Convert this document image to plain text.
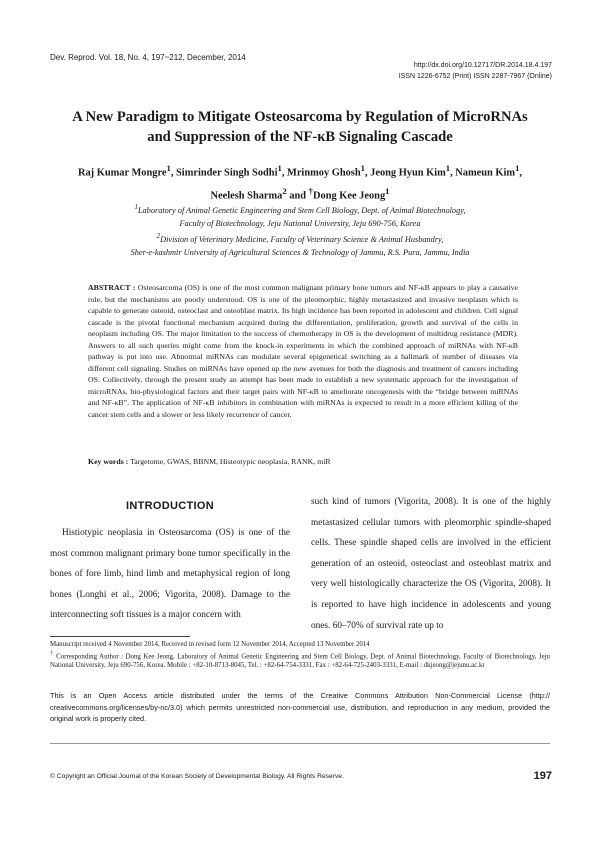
Dev. Reprod. Vol. 18, No. 4, 197~212, December, 2014
http://dx.doi.org/10.12717/DR.2014.18.4.197
ISSN 1226-6752 (Print) ISSN 2287-7967 (Online)
A New Paradigm to Mitigate Osteosarcoma by Regulation of MicroRNAs and Suppression of the NF-κB Signaling Cascade
Raj Kumar Mongre$^1$, Simrinder Singh Sodhi$^1$, Mrinmoy Ghosh$^1$, Jeong Hyun Kim$^1$, Nameun Kim$^1$,
Neelesh Sharma$^2$ and †Dong Kee Jeong$^1$
$^1$Laboratory of Animal Genetic Engineering and Stem Cell Biology, Dept. of Animal Biotechnology,
Faculty of Biotechnology, Jeju National University, Jeju 690-756, Korea
$^2$Division of Veterinary Medicine, Faculty of Veterinary Science & Animal Husbandry,
Sher-e-kashmir University of Agricultural Sciences & Technology of Jammu, R.S. Pura, Jammu, India
ABSTRACT : Osteosarcoma (OS) is one of the most common malignant primary bone tumors and NF-κB appears to play a causative role, but the mechanisms are poorly understood. OS is one of the pleomorphic, highly metastasized and invasive neoplasm which is capable to generate osteoid, osteoclast and osteoblast matrix. Its high incidence has been reported in adolescent and children. Cell signal cascade is the pivotal functional mechanism acquired during the differentiation, proliferation, growth and survival of the cells in neoplasm including OS. The major limitation to the success of chemotherapy in OS is the development of multidrug resistance (MDR). Answers to all such queries might come from the knock-in experiments in which the combined approach of miRNAs with NF-κB pathway is put into use. Abnormal miRNAs can modulate several epigenetical switching as a hallmark of number of diseases via different cell signaling. Studies on miRNAs have opened up the new avenues for both the diagnosis and treatment of cancers including OS. Collectively, through the present study an attempt has been made to establish a new systematic approach for the investigation of microRNAs, bio-physiological factors and their target pairs with NF-κB to ameliorate oncogenesis with the “bridge between miRNAs and NF-κB”. The application of NF-κB inhibitors in combination with miRNAs is expected to result in a more efficient killing of the cancer stem cells and a slower or less likely recurrence of cancer.
Key words : Targetome, GWAS, BBNM, Histeotypic neoplasia, RANK, miR
INTRODUCTION

Histiotypic neoplasia in Osteosarcoma (OS) is one of the most common malignant primary bone tumor specifically in the bones of fore limb, hind limb and metaphysical region of long bones (Longhi et al., 2006; Vigorita, 2008). Damage to the interconnecting soft tissues is a major concern with

such kind of tumors (Vigorita, 2008). It is one of the highly metastasized cellular tumors with pleomorphic spindle-shaped cells. These spindle shaped cells are involved in the efficient generation of an osteoid, osteoclast and osteoblast matrix and very well histologically characterize the OS (Vigorita, 2008). It is reported to have high incidence in adolescents and young ones. 60–70% of survival rate up to

Manuscript received 4 November 2014, Received in revised form 12 November 2014, Accepted 13 November 2014

† Corresponding Author : Dong Kee Jeong, Laboratory of Animal Genetic Engineering and Stem Cell Biology, Dept. of Animal Biotechnology, Faculty of Biotechnology, Jeju National University, Jeju 690-756, Korea. Mobile : +82-10-8713-8045, Tel. : +82-64-754-3331, Fax : +82-64-725-2403-3331, E-mail : dkjeong@jejunu.ac.kr

This is an Open Access article distributed under the terms of the Creative Commons Attribution Non-Commercial License (http:// creativecommons.org/licenses/by-nc/3.0) which permits unrestricted non-commercial use, distribution, and reproduction in any medium, provided the original work is properly cited.
© Copyright an Official Journal of the Korean Society of Developmental Biology. All Rights Reserve.	197
